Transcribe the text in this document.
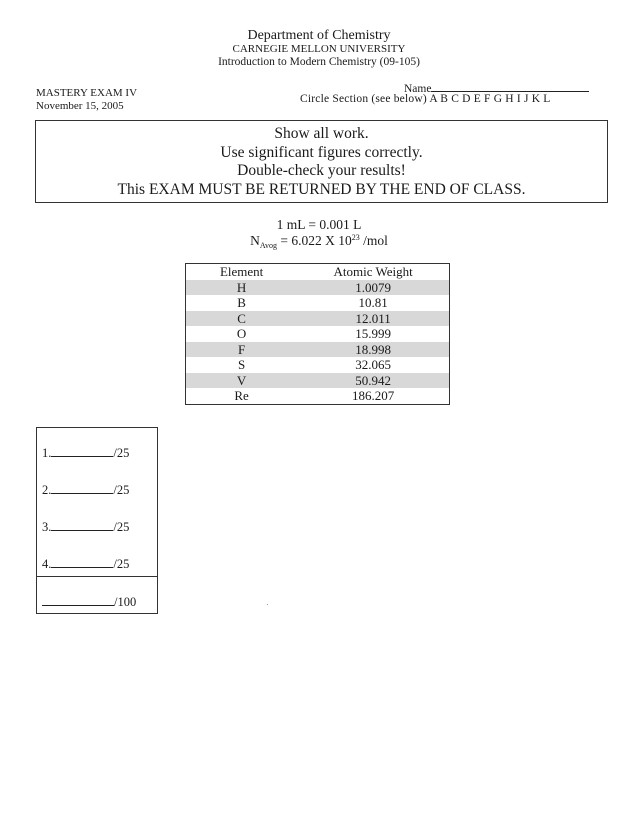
Department of Chemistry
CARNEGIE MELLON UNIVERSITY
Introduction to Modern Chemistry (09-105)
MASTERY EXAM IV
November 15, 2005
Name
Circle Section (see below) A B C D E F G H I J K L
Show all work.
Use significant figures correctly.
Double-check your results!
This EXAM MUST BE RETURNED BY THE END OF CLASS.
1 mL = 0.001 L
$N_{Avog} = 6.022$ X $10^{23}$ /mol
Element	Atomic Weight
H	1.0079
B	10.81
C	12.011
O	15.999
F	18.998
S	32.065
V	50.942
Re	186.207
1.	/25
2.	/25
3.	/25
4.	/25
/100
